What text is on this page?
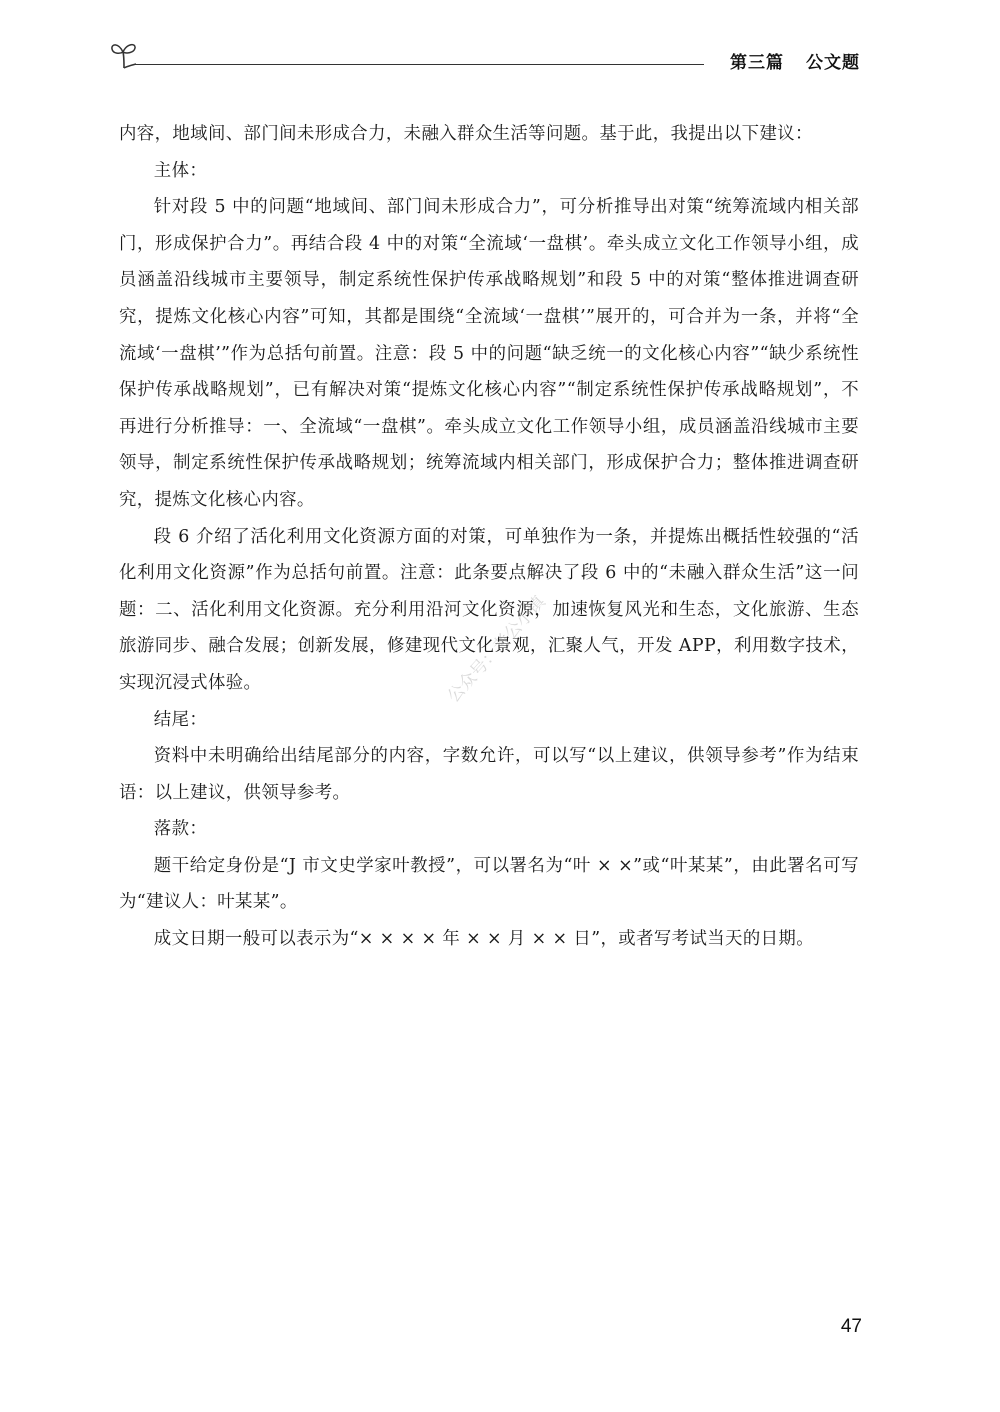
第三篇 公文题

内容，地域间、部门间未形成合力，未融入群众生活等问题。基于此，我提出以下建议：

主体：

针对段 5 中的问题“地域间、部门间未形成合力”，可分析推导出对策“统筹流域内相关部门，形成保护合力”。再结合段 4 中的对策“全流域‘一盘棋’。牵头成立文化工作领导小组，成员涵盖沿线城市主要领导，制定系统性保护传承战略规划”和段 5 中的对策“整体推进调查研究，提炼文化核心内容”可知，其都是围绕“全流域‘一盘棋’”展开的，可合并为一条，并将“全流域‘一盘棋’”作为总括句前置。注意：段 5 中的问题“缺乏统一的文化核心内容”“缺少系统性保护传承战略规划”，已有解决对策“提炼文化核心内容”“制定系统性保护传承战略规划”，不再进行分析推导：一、全流域“一盘棋”。牵头成立文化工作领导小组，成员涵盖沿线城市主要领导，制定系统性保护传承战略规划；统筹流域内相关部门，形成保护合力；整体推进调查研究，提炼文化核心内容。

段 6 介绍了活化利用文化资源方面的对策，可单独作为一条，并提炼出概括性较强的“活化利用文化资源”作为总括句前置。注意：此条要点解决了段 6 中的“未融入群众生活”这一问题：二、活化利用文化资源。充分利用沿河文化资源，加速恢复风光和生态，文化旅游、生态旅游同步、融合发展；创新发展，修建现代文化景观，汇聚人气，开发 APP，利用数字技术，实现沉浸式体验。

结尾：

资料中未明确给出结尾部分的内容，字数允许，可以写“以上建议，供领导参考”作为结束语：以上建议，供领导参考。

落款：

题干给定身份是“J 市文史学家叶教授”，可以署名为“叶 × ×”或“叶某某”，由此署名可写为“建议人：叶某某”。

成文日期一般可以表示为“× × × × 年 × × 月 × × 日”，或者写考试当天的日期。

公众号：考公小镇
47
